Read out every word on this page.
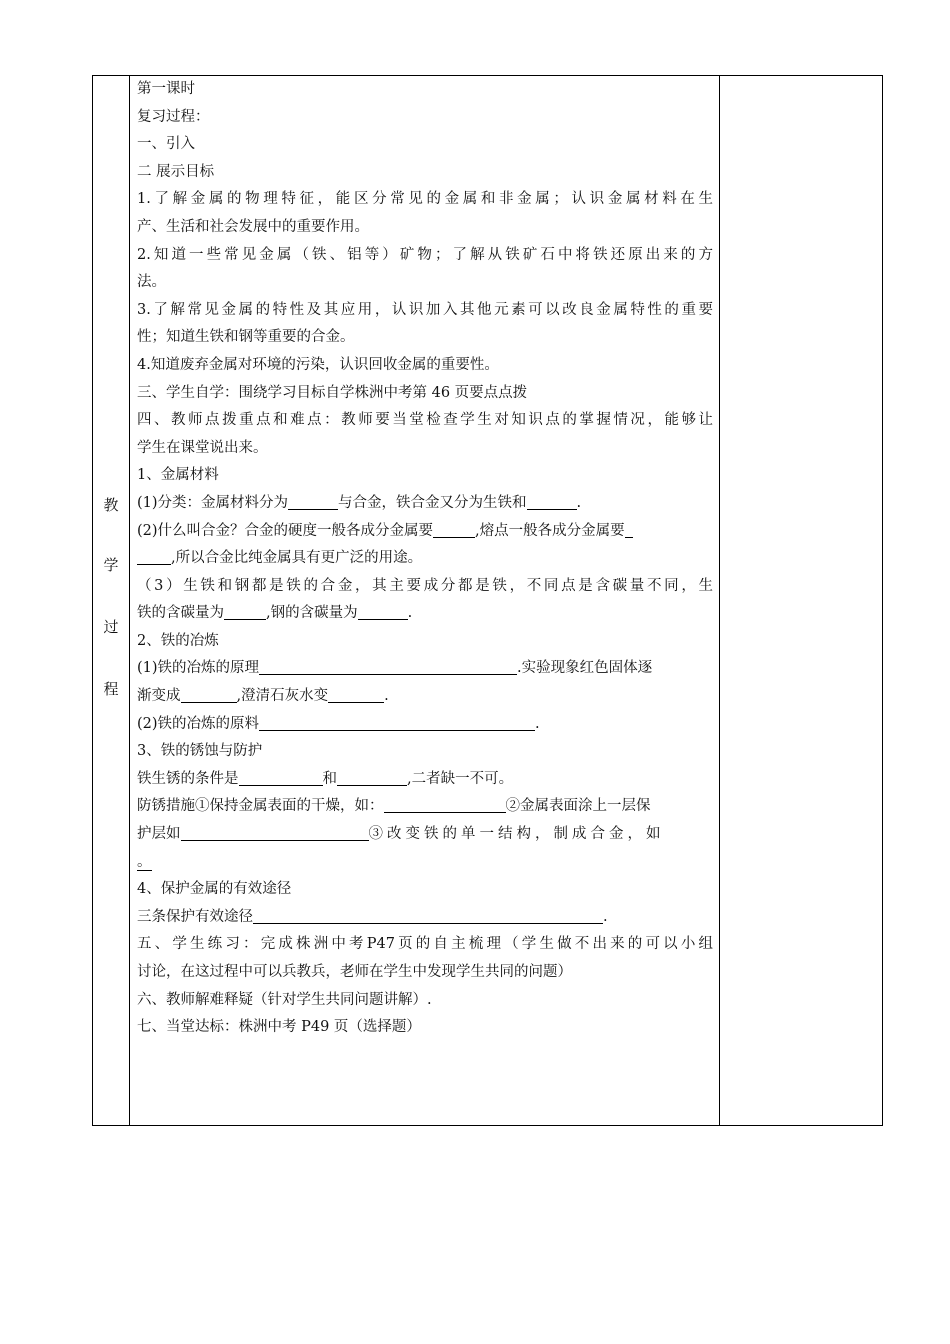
教
学
过
程
第一课时
复习过程：
一、引入
二 展示目标
1.了解金属的物理特征，能区分常见的金属和非金属；认识金属材料在生
产、生活和社会发展中的重要作用。
2.知道一些常见金属（铁、铝等）矿物；了解从铁矿石中将铁还原出来的方
法。
3.了解常见金属的特性及其应用，认识加入其他元素可以改良金属特性的重要
性；知道生铁和钢等重要的合金。
4.知道废弃金属对环境的污染，认识回收金属的重要性。
三、学生自学：围绕学习目标自学株洲中考第 46 页要点点拨
四、教师点拨重点和难点：教师要当堂检查学生对知识点的掌握情况，能够让
学生在课堂说出来。
1、金属材料
(1)分类：金属材料分为	与合金，铁合金又分为生铁和	.
(2)什么叫合金？合金的硬度一般各成分金属要	,熔点一般各成分金属要
,所以合金比纯金属具有更广泛的用途。
（3）生铁和钢都是铁的合金，其主要成分都是铁，不同点是含碳量不同，生
铁的含碳量为	,钢的含碳量为	.
2、铁的冶炼
(1)铁的冶炼的原理	.实验现象红色固体逐
渐变成	,澄清石灰水变	.
(2)铁的冶炼的原料	.
3、铁的锈蚀与防护
铁生锈的条件是	和	,二者缺一不可。
防锈措施①保持金属表面的干燥，如：	②金属表面涂上一层保
护层如	③改变铁的单一结构，制成合金，如
。
4、保护金属的有效途径
三条保护有效途径	.
五、学生练习：完成株洲中考P47页的自主梳理（学生做不出来的可以小组
讨论，在这过程中可以兵教兵，老师在学生中发现学生共同的问题）
六、教师解难释疑（针对学生共同问题讲解）.
七、当堂达标：株洲中考 P49 页（选择题）
